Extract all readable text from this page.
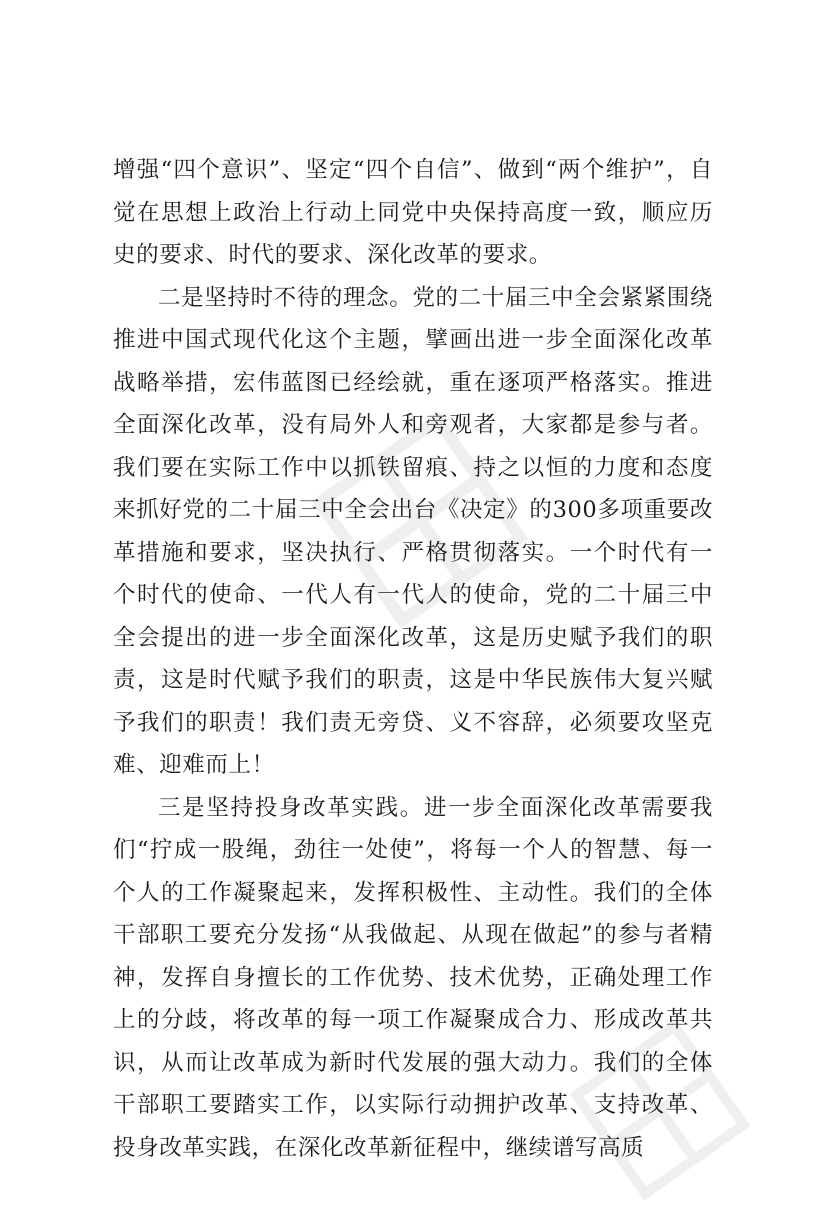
增强“四个意识”、坚定“四个自信”、做到“两个维护”，自觉在思想上政治上行动上同党中央保持高度一致，顺应历史的要求、时代的要求、深化改革的要求。

二是坚持时不待的理念。党的二十届三中全会紧紧围绕推进中国式现代化这个主题，擘画出进一步全面深化改革战略举措，宏伟蓝图已经绘就，重在逐项严格落实。推进全面深化改革，没有局外人和旁观者，大家都是参与者。我们要在实际工作中以抓铁留痕、持之以恒的力度和态度来抓好党的二十届三中全会出台《决定》的300多项重要改革措施和要求，坚决执行、严格贯彻落实。一个时代有一个时代的使命、一代人有一代人的使命，党的二十届三中全会提出的进一步全面深化改革，这是历史赋予我们的职责，这是时代赋予我们的职责，这是中华民族伟大复兴赋予我们的职责！我们责无旁贷、义不容辞，必须要攻坚克难、迎难而上！

三是坚持投身改革实践。进一步全面深化改革需要我们“拧成一股绳，劲往一处使”，将每一个人的智慧、每一个人的工作凝聚起来，发挥积极性、主动性。我们的全体干部职工要充分发扬“从我做起、从现在做起”的参与者精神，发挥自身擅长的工作优势、技术优势，正确处理工作上的分歧，将改革的每一项工作凝聚成合力、形成改革共识，从而让改革成为新时代发展的强大动力。我们的全体干部职工要踏实工作，以实际行动拥护改革、支持改革、投身改革实践，在深化改革新征程中，继续谱写高质
